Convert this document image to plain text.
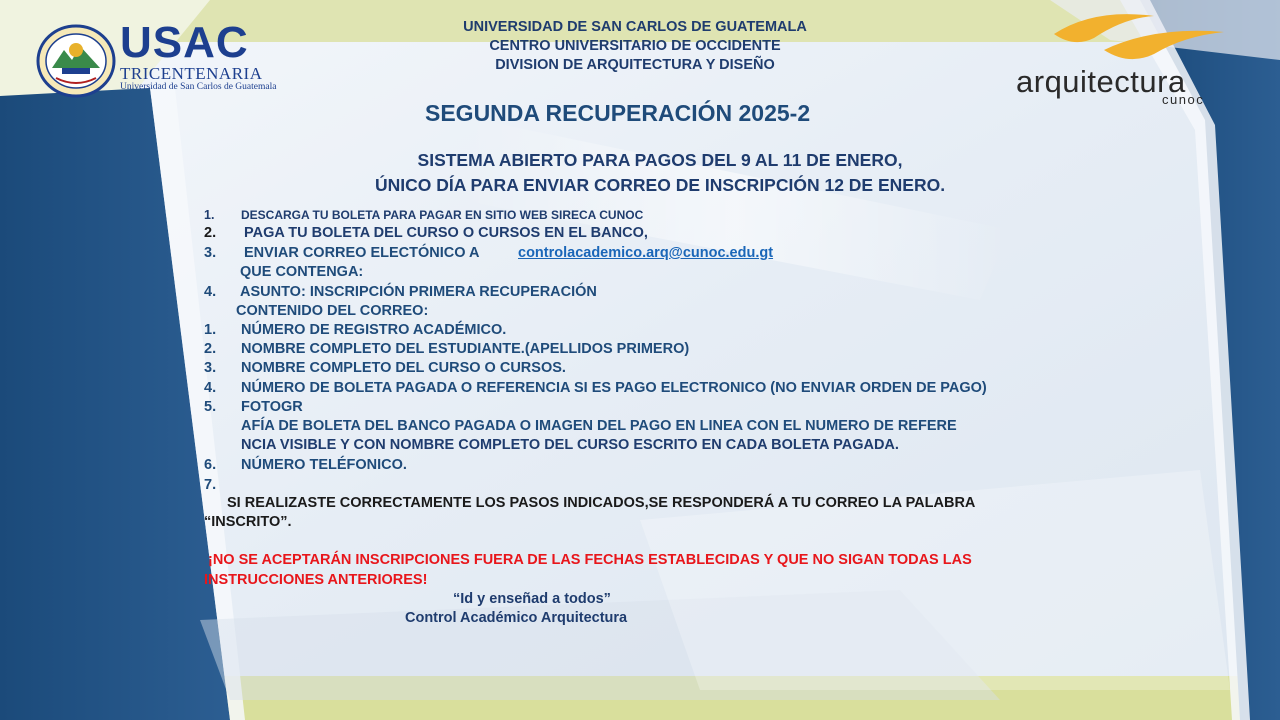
USAC
TRICENTENARIA
Universidad de San Carlos de Guatemala
UNIVERSIDAD DE SAN CARLOS DE GUATEMALA
CENTRO UNIVERSITARIO DE OCCIDENTE
DIVISION DE ARQUITECTURA Y DISEÑO	arquitectura
cunoc
SEGUNDA RECUPERACIÓN 2025-2
SISTEMA ABIERTO PARA PAGOS DEL 9 AL 11 DE ENERO,
ÚNICO DÍA PARA ENVIAR CORREO DE INSCRIPCIÓN 12 DE ENERO.
1. DESCARGA TU BOLETA PARA PAGAR EN SITIO WEB SIRECA CUNOC
2. PAGA TU BOLETA DEL CURSO O CURSOS EN EL BANCO,
3. ENVIAR CORREO ELECTÓNICO A	controlacademico.arq@cunoc.edu.gt
QUE CONTENGA:
4. ASUNTO: INSCRIPCIÓN PRIMERA RECUPERACIÓN
CONTENIDO DEL CORREO:
1. NÚMERO DE REGISTRO ACADÉMICO.
2. NOMBRE COMPLETO DEL ESTUDIANTE.(APELLIDOS PRIMERO)
3. NOMBRE COMPLETO DEL CURSO O CURSOS.
4. NÚMERO DE BOLETA PAGADA O REFERENCIA SI ES PAGO ELECTRONICO (NO ENVIAR ORDEN DE PAGO)
5. FOTOGR
AFÍA DE BOLETA DEL BANCO PAGADA O IMAGEN DEL PAGO EN LINEA CON EL NUMERO DE REFERE
NCIA VISIBLE Y CON NOMBRE COMPLETO DEL CURSO ESCRITO EN CADA BOLETA PAGADA.
6. NÚMERO TELÉFONICO.
7.
SI REALIZASTE CORRECTAMENTE LOS PASOS INDICADOS,SE RESPONDERÁ A TU CORREO LA PALABRA
“INSCRITO”.
¡NO SE ACEPTARÁN INSCRIPCIONES FUERA DE LAS FECHAS ESTABLECIDAS Y QUE NO SIGAN TODAS LAS
INSTRUCCIONES ANTERIORES!
“Id y enseñad a todos”
Control Académico Arquitectura
